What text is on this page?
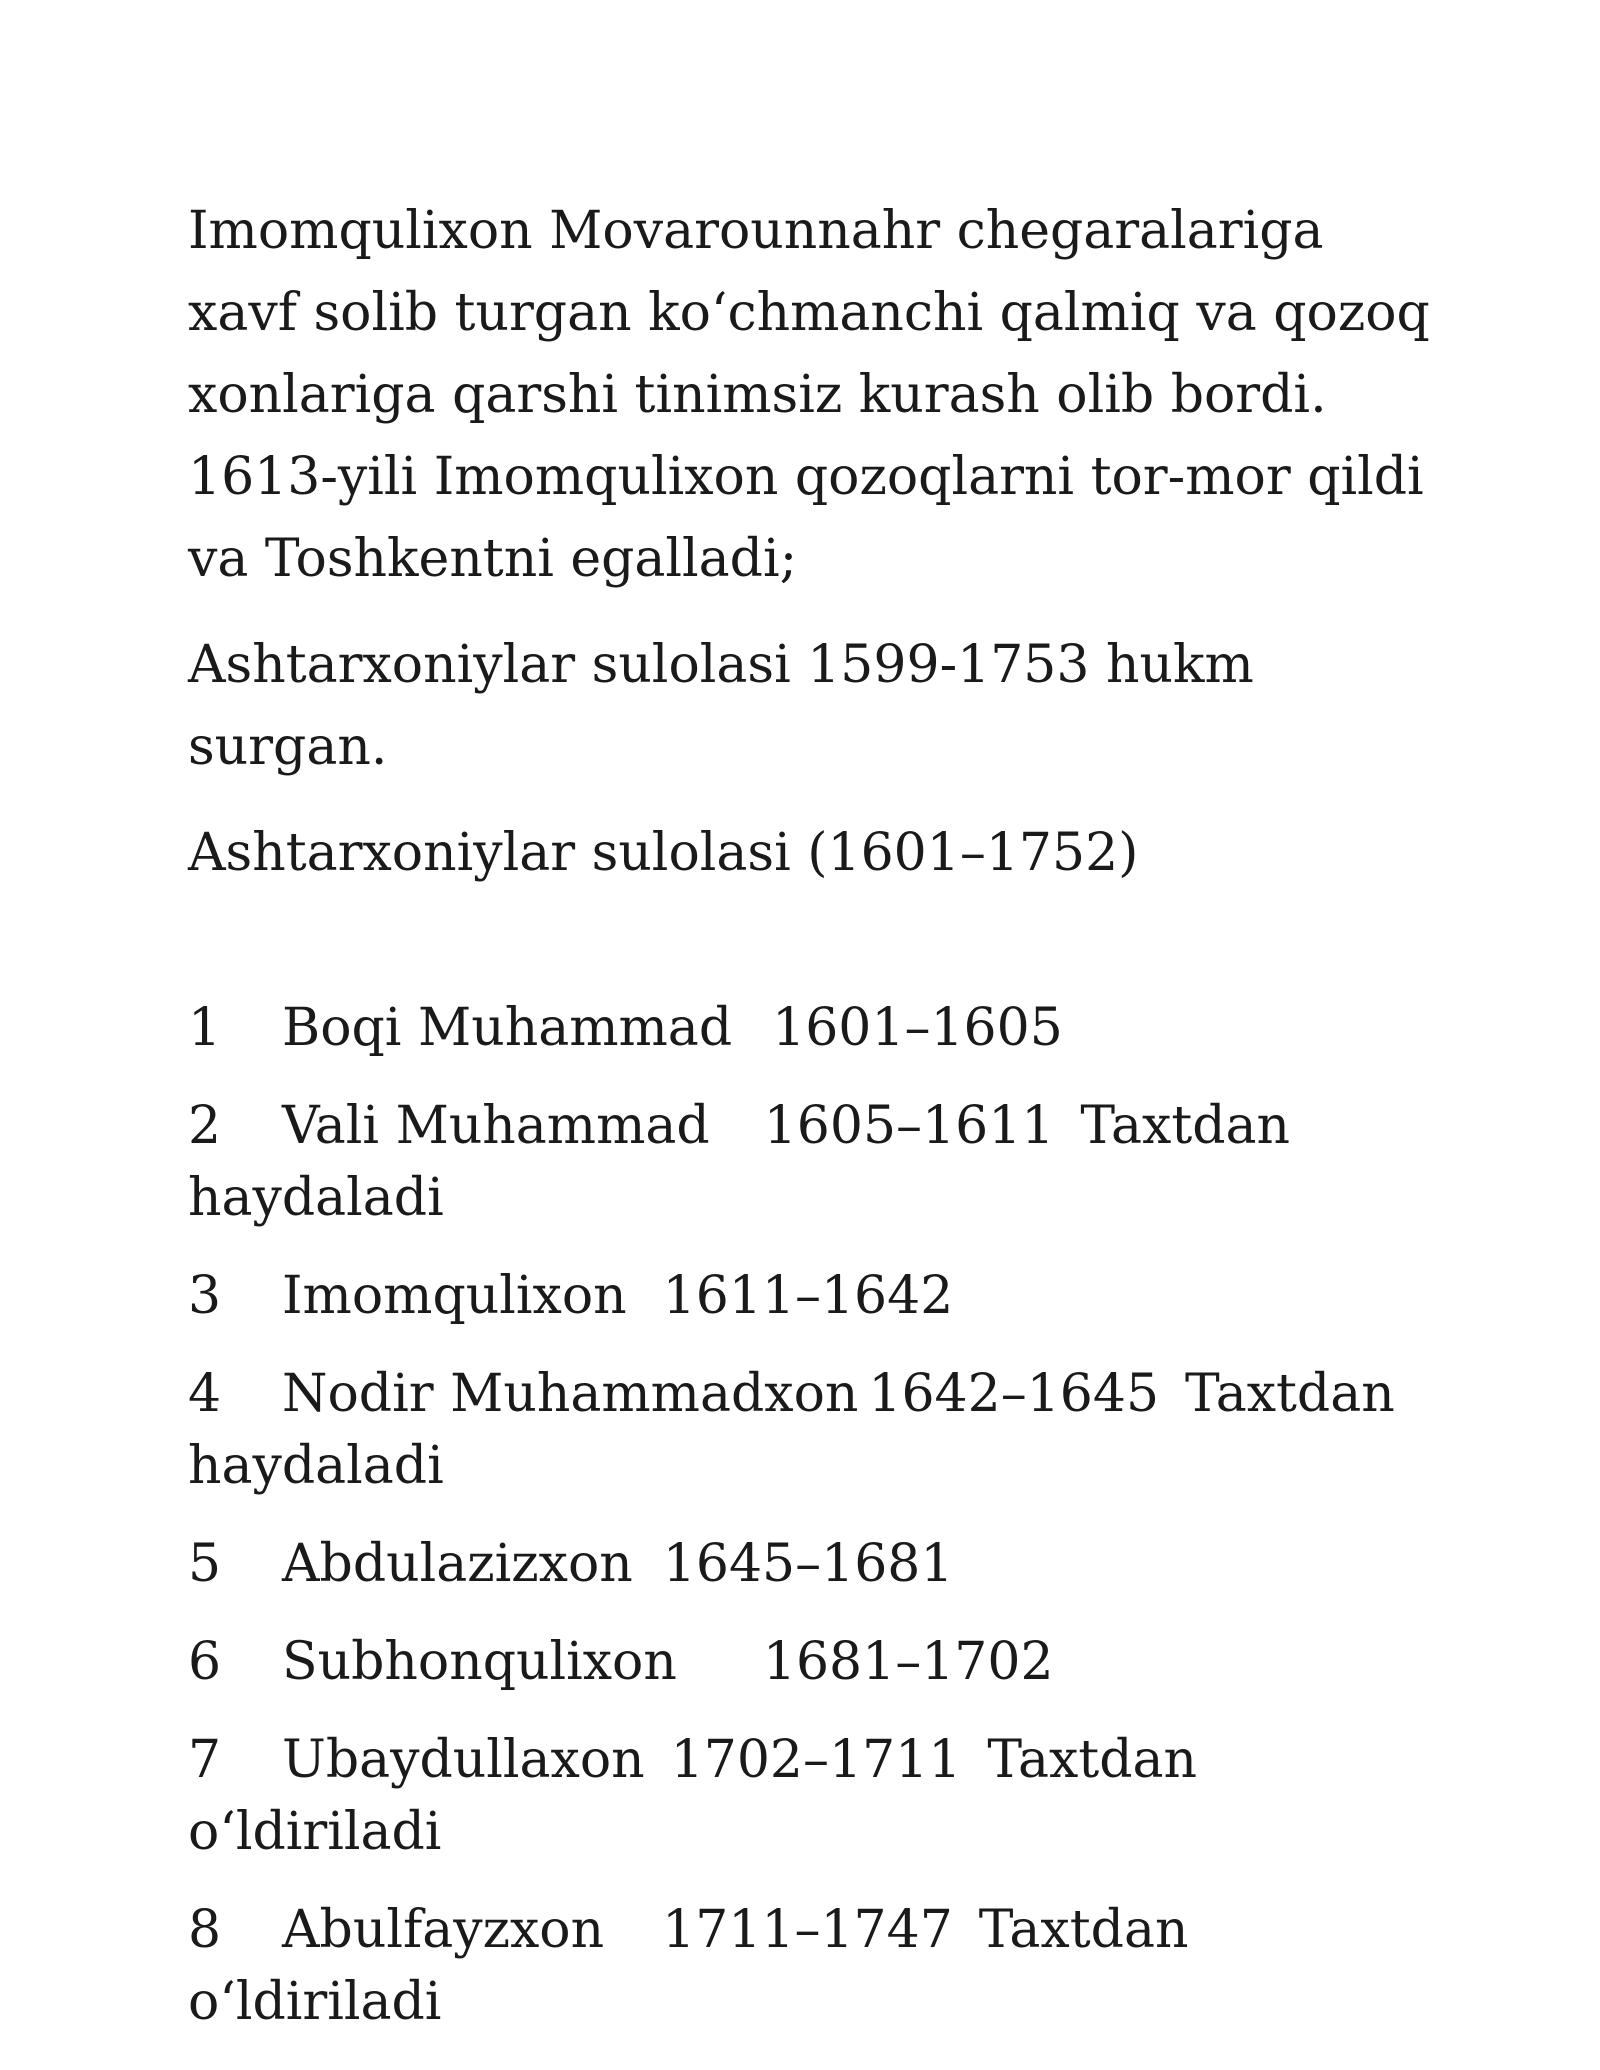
Imomqulixon Movarounnahr chegaralariga xavf solib turgan koʻchmanchi qalmiq va qozoq xonlariga qarshi tinimsiz kurash olib bordi. 1613-yili Imomqulixon qozoqlarni tor-mor qildi va Toshkentni egalladi;

Ashtarxoniylar sulolasi 1599-1753 hukm surgan.

Ashtarxoniylar sulolasi (1601–1752)

1 Boqi Muhammad 1601–1605
2 Vali Muhammad 1605–1611 Taxtdan haydaladi
3 Imomqulixon 1611–1642
4 Nodir Muhammadxon 1642–1645 Taxtdan haydaladi
5 Abdulazizxon 1645–1681
6 Subhonqulixon 1681–1702
7 Ubaydullaxon 1702–1711 Taxtdan oʻldiriladi
8 Abulfayzxon 1711–1747 Taxtdan oʻldiriladi
